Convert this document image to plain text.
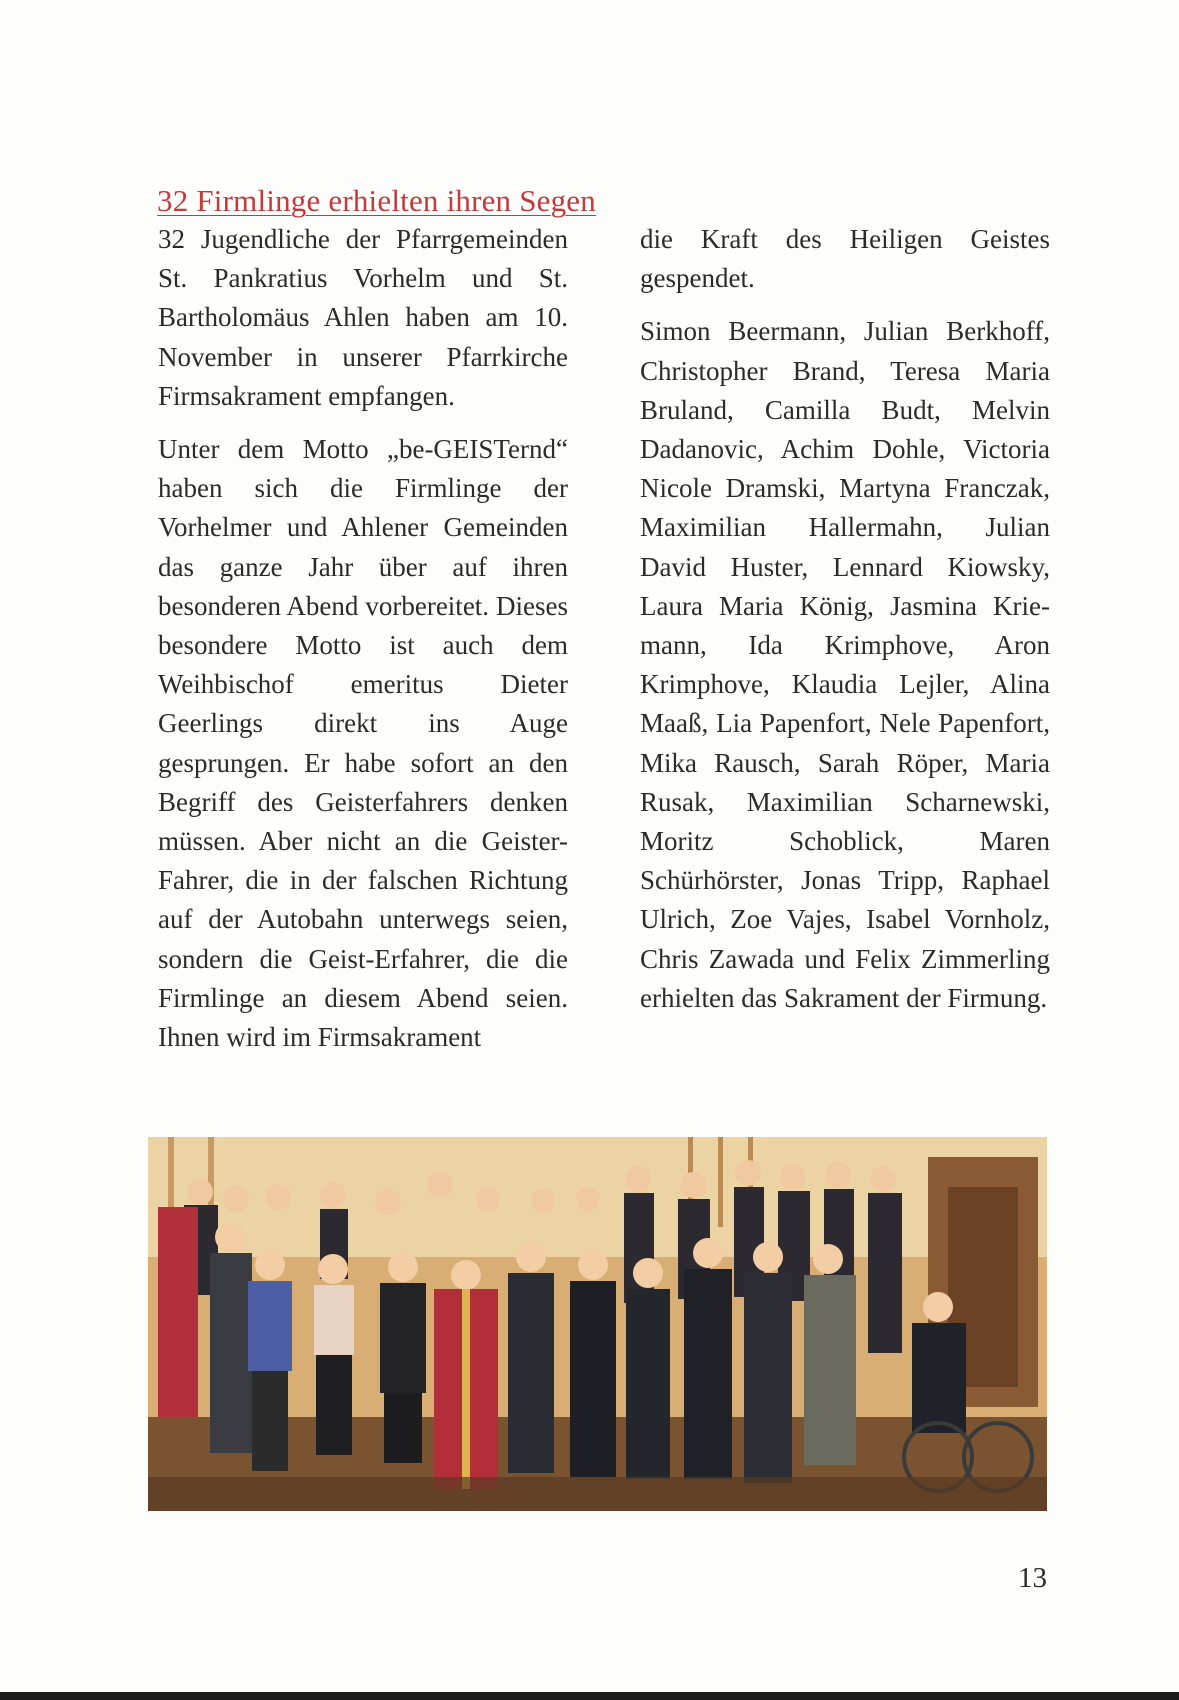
32 Firmlinge erhielten ihren Segen

32 Jugendliche der Pfarrgemeinden St. Pankratius Vorhelm und St. Bartholomäus Ahlen haben am 10. November in unserer Pfarrkirche Firmsakrament empfangen.

Unter dem Motto „be-GEISTernd“ haben sich die Firmlinge der Vorhelmer und Ahlener Gemeinden das ganze Jahr über auf ihren besonderen Abend vorbereitet. Dieses besondere Motto ist auch dem Weihbischof emeritus Dieter Geerlings direkt ins Auge gesprungen. Er habe sofort an den Begriff des Geisterfahrers denken müssen. Aber nicht an die Geister-Fahrer, die in der falschen Richtung auf der Autobahn unterwegs seien, sondern die Geist-Erfahrer, die die Firmlinge an diesem Abend seien. Ihnen wird im Firmsakrament

die Kraft des Heiligen Geistes gespendet.

Simon Beermann, Julian Berkhoff, Christopher Brand, Teresa Maria Bruland, Camilla Budt, Melvin Dadanovic, Achim Dohle, Victoria Nicole Dramski, Martyna Franczak, Maximilian Hallermahn, Julian David Huster, Lennard Kiowsky, Laura Maria König, Jasmina Kriemann, Ida Krimphove, Aron Krimphove, Klaudia Lejler, Alina Maaß, Lia Papenfort, Nele Papenfort, Mika Rausch, Sarah Röper, Maria Rusak, Maximilian Scharnewski, Moritz Schoblick, Maren Schürhörster, Jonas Tripp, Raphael Ulrich, Zoe Vajes, Isabel Vornholz, Chris Zawada und Felix Zimmerling erhielten das Sakrament der Firmung.

13
